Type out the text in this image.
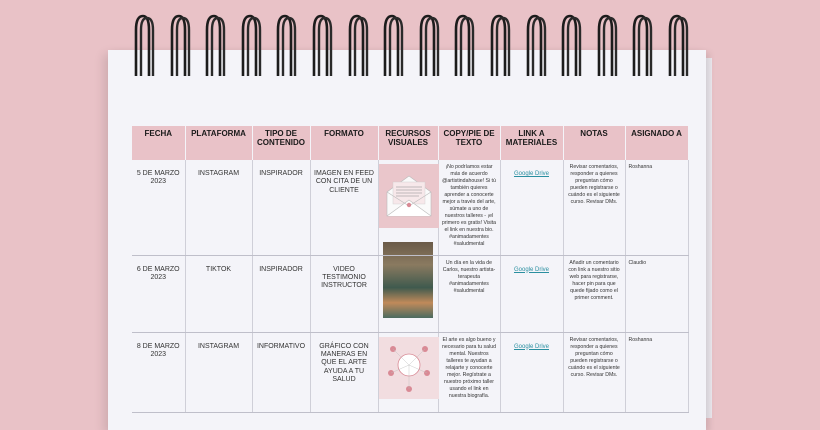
FECHA	PLATAFORMA	TIPO DE CONTENIDO	FORMATO	RECURSOS VISUALES	COPY/PIE DE TEXTO	LINK A MATERIALES	NOTAS	ASIGNADO A
5 DE MARZO 2023	INSTAGRAM	INSPIRADOR	IMAGEN EN FEED CON CITA DE UN CLIENTE		¡No podríamos estar más de acuerdo @artistindahouse! Si tú también quieres aprender a conocerte mejor a través del arte, súmate a uno de nuestros talleres - ¡el primero es gratis! Visita el link en nuestra bio. #animadamentes #saludmental	Google Drive	Revisar comentarios, responder a quienes preguntan cómo pueden registrarse o cuándo es el siguiente curso. Revisar DMs.	Roshanna
6 DE MARZO 2023	TIKTOK	INSPIRADOR	VIDEO TESTIMONIO INSTRUCTOR		Un día en la vida de Carlos, nuestro artista-terapeuta #animadamentes #saludmental	Google Drive	Añadir un comentario con link a nuestro sitio web para registrarse, hacer pin para que quede fijado como el primer comment.	Claudio
8 DE MARZO 2023	INSTAGRAM	INFORMATIVO	GRÁFICO CON MANERAS EN QUE EL ARTE AYUDA A TU SALUD		El arte es algo bueno y necesario para tu salud mental. Nuestros talleres te ayudan a relajarte y conocerte mejor. Regístrate a nuestro próximo taller usando el link en nuestra biografía.	Google Drive	Revisar comentarios, responder a quienes preguntan cómo pueden registrarse o cuándo es el siguiente curso. Revisar DMs.	Roshanna
